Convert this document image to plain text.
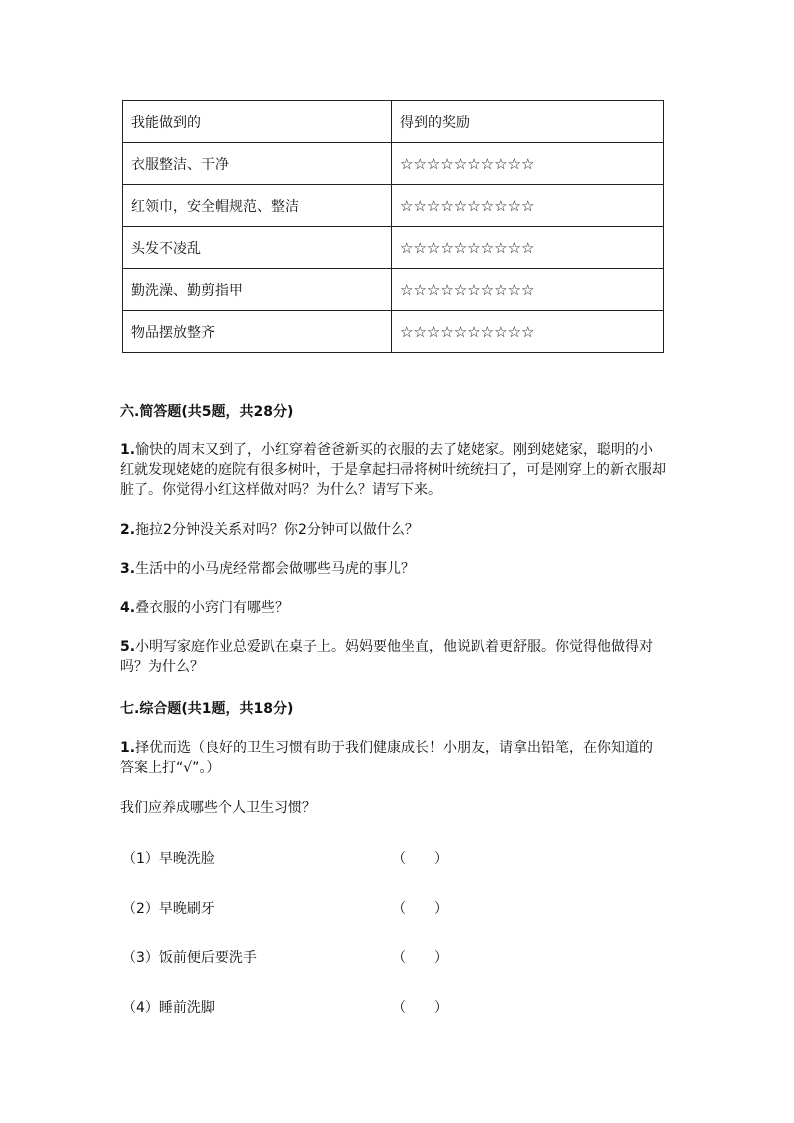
我能做到的	得到的奖励
衣服整洁、干净	☆☆☆☆☆☆☆☆☆☆
红领巾，安全帽规范、整洁	☆☆☆☆☆☆☆☆☆☆
头发不凌乱	☆☆☆☆☆☆☆☆☆☆
勤洗澡、勤剪指甲	☆☆☆☆☆☆☆☆☆☆
物品摆放整齐	☆☆☆☆☆☆☆☆☆☆
六.简答题(共5题，共28分)
1.愉快的周末又到了，小红穿着爸爸新买的衣服的去了姥姥家。刚到姥姥家，聪明的小红就发现姥姥的庭院有很多树叶，于是拿起扫帚将树叶统统扫了，可是刚穿上的新衣服却脏了。你觉得小红这样做对吗？为什么？请写下来。
2.拖拉2分钟没关系对吗？你2分钟可以做什么？
3.生活中的小马虎经常都会做哪些马虎的事儿？
4.叠衣服的小窍门有哪些？
5.小明写家庭作业总爱趴在桌子上。妈妈要他坐直，他说趴着更舒服。你觉得他做得对吗？为什么？
七.综合题(共1题，共18分)
1.择优而选（良好的卫生习惯有助于我们健康成长！小朋友，请拿出铅笔，在你知道的答案上打“√”。）
我们应养成哪些个人卫生习惯？
（1）早晚洗脸	（ ）
（2）早晚刷牙	（ ）
（3）饭前便后要洗手	（ ）
（4）睡前洗脚	（ ）
